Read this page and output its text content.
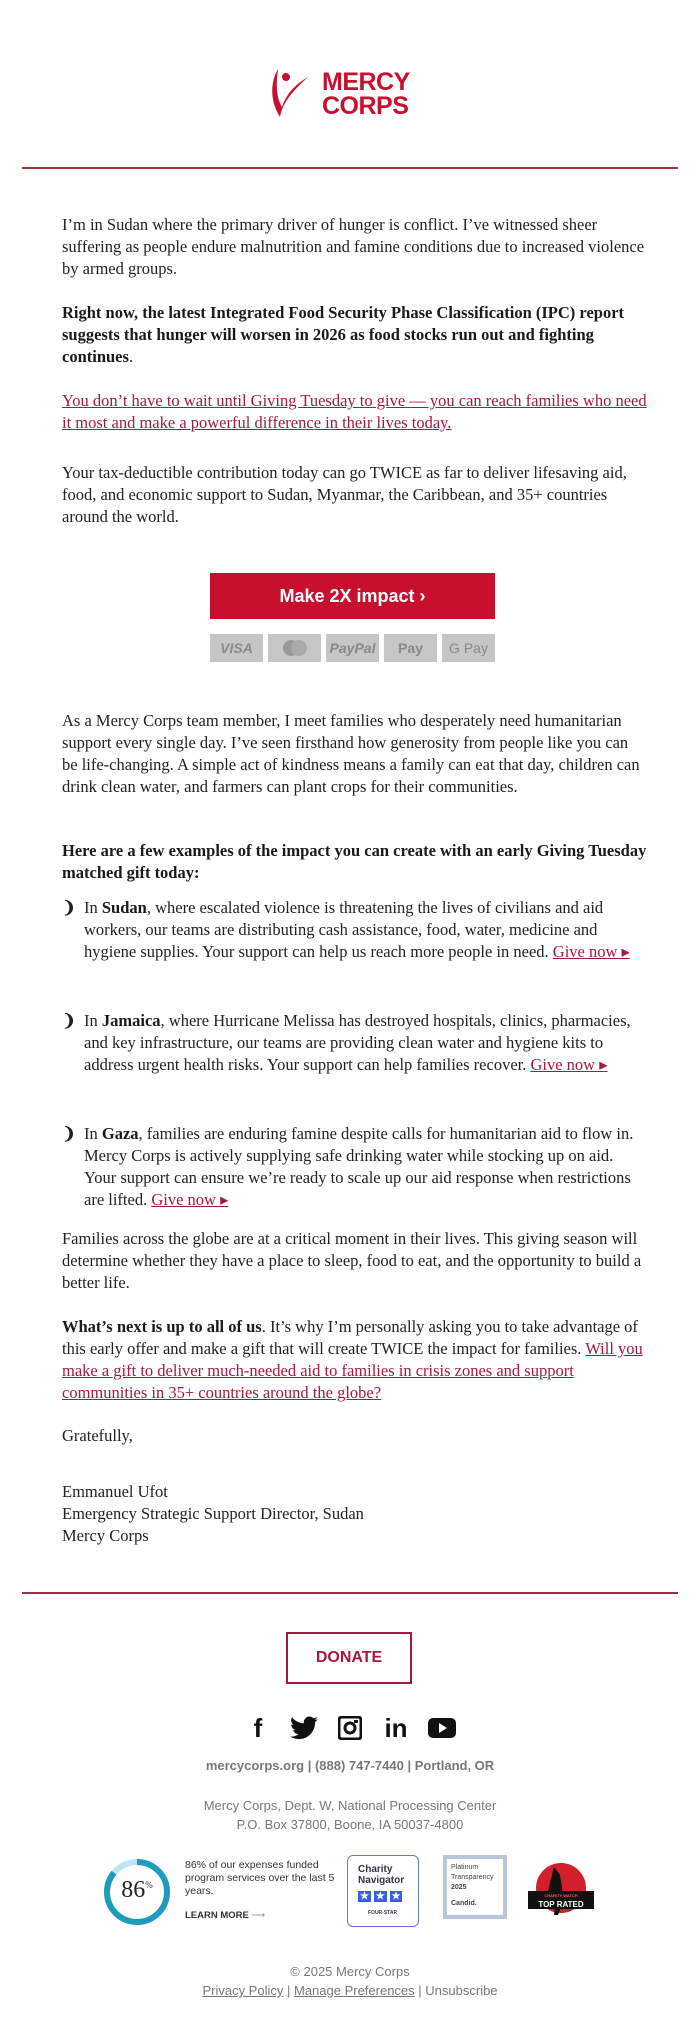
MERCY
CORPS

I’m in Sudan where the primary driver of hunger is conflict. I’ve witnessed sheer suffering as people endure malnutrition and famine conditions due to increased violence by armed groups.

Right now, the latest Integrated Food Security Phase Classification (IPC) report suggests that hunger will worsen in 2026 as food stocks run out and fighting continues.

You don’t have to wait until Giving Tuesday to give — you can reach families who need it most and make a powerful difference in their lives today.

Your tax-deductible contribution today can go TWICE as far to deliver lifesaving aid, food, and economic support to Sudan, Myanmar, the Caribbean, and 35+ countries around the world.

Make 2X impact ›
VISA	PayPal	Pay	G Pay

As a Mercy Corps team member, I meet families who desperately need humanitarian support every single day. I’ve seen firsthand how generosity from people like you can be life-changing. A simple act of kindness means a family can eat that day, children can drink clean water, and farmers can plant crops for their communities.

Here are a few examples of the impact you can create with an early Giving Tuesday matched gift today:

❩ In Sudan, where escalated violence is threatening the lives of civilians and aid workers, our teams are distributing cash assistance, food, water, medicine and hygiene supplies. Your support can help us reach more people in need. Give now ▸
❩ In Jamaica, where Hurricane Melissa has destroyed hospitals, clinics, pharmacies, and key infrastructure, our teams are providing clean water and hygiene kits to address urgent health risks. Your support can help families recover. Give now ▸
❩ In Gaza, families are enduring famine despite calls for humanitarian aid to flow in. Mercy Corps is actively supplying safe drinking water while stocking up on aid. Your support can ensure we’re ready to scale up our aid response when restrictions are lifted. Give now ▸

Families across the globe are at a critical moment in their lives. This giving season will determine whether they have a place to sleep, food to eat, and the opportunity to build a better life.

What’s next is up to all of us. It’s why I’m personally asking you to take advantage of this early offer and make a gift that will create TWICE the impact for families. Will you make a gift to deliver much-needed aid to families in crisis zones and support communities in 35+ countries around the globe?

Gratefully,

Emmanuel Ufot
Emergency Strategic Support Director, Sudan
Mercy Corps
DONATE
f	in
mercycorps.org | (888) 747-7440 | Portland, OR
Mercy Corps, Dept. W, National Processing Center
P.O. Box 37800, Boone, IA 50037-4800
86%
86% of our expenses funded program services over the last 5 years.
LEARN MORE ⟶
Charity
Navigator
★ ★ ★
FOUR-STAR
Platinum
Transparency
2025
Candid.
CHARITY WATCH
TOP RATED
© 2025 Mercy Corps
Privacy Policy | Manage Preferences | Unsubscribe
